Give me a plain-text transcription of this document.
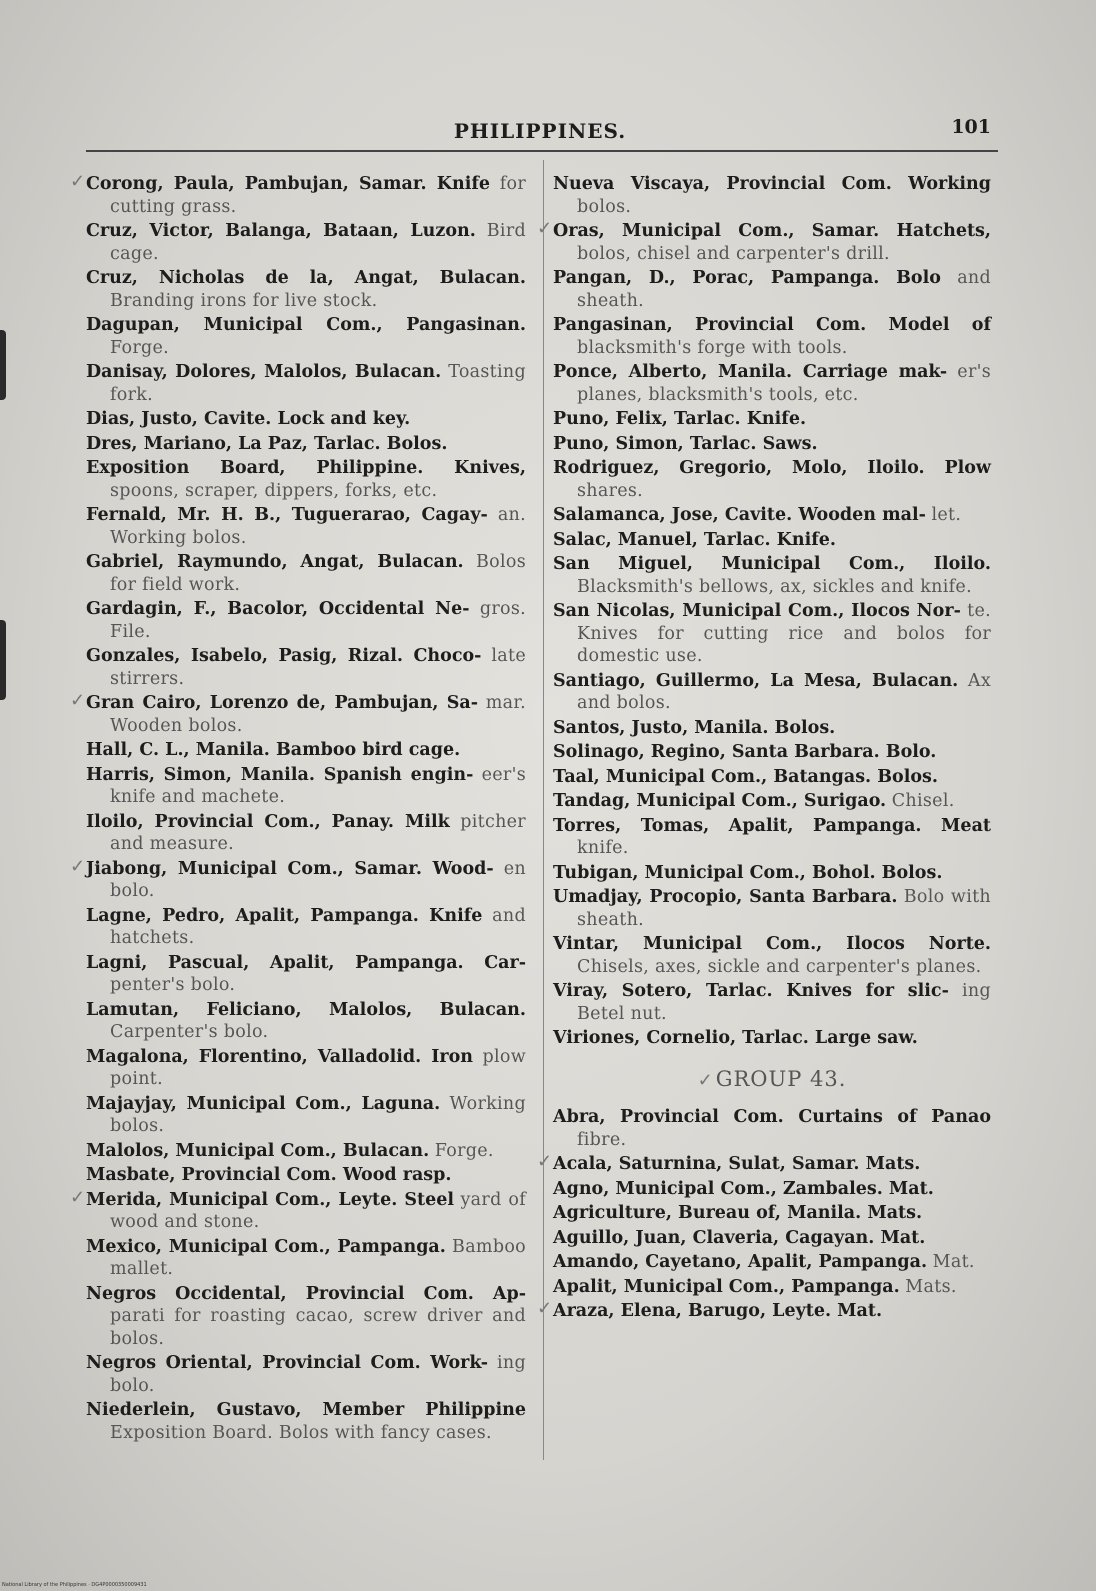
PHILIPPINES.	101

✓ Corong, Paula, Pambujan, Samar. Knife for cutting grass.

Cruz, Victor, Balanga, Bataan, Luzon. Bird cage.

Cruz, Nicholas de la, Angat, Bulacan. Branding irons for live stock.

Dagupan, Municipal Com., Pangasinan. Forge.

Danisay, Dolores, Malolos, Bulacan. Toasting fork.

Dias, Justo, Cavite. Lock and key.

Dres, Mariano, La Paz, Tarlac. Bolos.

Exposition Board, Philippine. Knives, spoons, scraper, dippers, forks, etc.

Fernald, Mr. H. B., Tuguerarao, Cagay- an. Working bolos.

Gabriel, Raymundo, Angat, Bulacan. Bolos for field work.

Gardagin, F., Bacolor, Occidental Ne- gros. File.

Gonzales, Isabelo, Pasig, Rizal. Choco- late stirrers.

✓ Gran Cairo, Lorenzo de, Pambujan, Sa- mar. Wooden bolos.

Hall, C. L., Manila. Bamboo bird cage.

Harris, Simon, Manila. Spanish engin- eer's knife and machete.

Iloilo, Provincial Com., Panay. Milk pitcher and measure.

✓ Jiabong, Municipal Com., Samar. Wood- en bolo.

Lagne, Pedro, Apalit, Pampanga. Knife and hatchets.

Lagni, Pascual, Apalit, Pampanga. Car- penter's bolo.

Lamutan, Feliciano, Malolos, Bulacan. Carpenter's bolo.

Magalona, Florentino, Valladolid. Iron plow point.

Majayjay, Municipal Com., Laguna. Working bolos.

Malolos, Municipal Com., Bulacan. Forge.

Masbate, Provincial Com. Wood rasp.

✓ Merida, Municipal Com., Leyte. Steel yard of wood and stone.

Mexico, Municipal Com., Pampanga. Bamboo mallet.

Negros Occidental, Provincial Com. Ap- parati for roasting cacao, screw driver and bolos.

Negros Oriental, Provincial Com. Work- ing bolo.

Niederlein, Gustavo, Member Philippine Exposition Board. Bolos with fancy cases.

Nueva Viscaya, Provincial Com. Working bolos.

✓ Oras, Municipal Com., Samar. Hatchets, bolos, chisel and carpenter's drill.

Pangan, D., Porac, Pampanga. Bolo and sheath.

Pangasinan, Provincial Com. Model of blacksmith's forge with tools.

Ponce, Alberto, Manila. Carriage mak- er's planes, blacksmith's tools, etc.

Puno, Felix, Tarlac. Knife.

Puno, Simon, Tarlac. Saws.

Rodriguez, Gregorio, Molo, Iloilo. Plow shares.

Salamanca, Jose, Cavite. Wooden mal- let.

Salac, Manuel, Tarlac. Knife.

San Miguel, Municipal Com., Iloilo. Blacksmith's bellows, ax, sickles and knife.

San Nicolas, Municipal Com., Ilocos Nor- te. Knives for cutting rice and bolos for domestic use.

Santiago, Guillermo, La Mesa, Bulacan. Ax and bolos.

Santos, Justo, Manila. Bolos.

Solinago, Regino, Santa Barbara. Bolo.

Taal, Municipal Com., Batangas. Bolos.

Tandag, Municipal Com., Surigao. Chisel.

Torres, Tomas, Apalit, Pampanga. Meat knife.

Tubigan, Municipal Com., Bohol. Bolos.

Umadjay, Procopio, Santa Barbara. Bolo with sheath.

Vintar, Municipal Com., Ilocos Norte. Chisels, axes, sickle and carpenter's planes.

Viray, Sotero, Tarlac. Knives for slic- ing Betel nut.

Viriones, Cornelio, Tarlac. Large saw.

✓GROUP 43.

Abra, Provincial Com. Curtains of Panao fibre.

✓ Acala, Saturnina, Sulat, Samar. Mats.

Agno, Municipal Com., Zambales. Mat.

Agriculture, Bureau of, Manila. Mats.

Aguillo, Juan, Claveria, Cagayan. Mat.

Amando, Cayetano, Apalit, Pampanga. Mat.

Apalit, Municipal Com., Pampanga. Mats.

✓ Araza, Elena, Barugo, Leyte. Mat.

National Library of the Philippines · DG4P0000350009431
